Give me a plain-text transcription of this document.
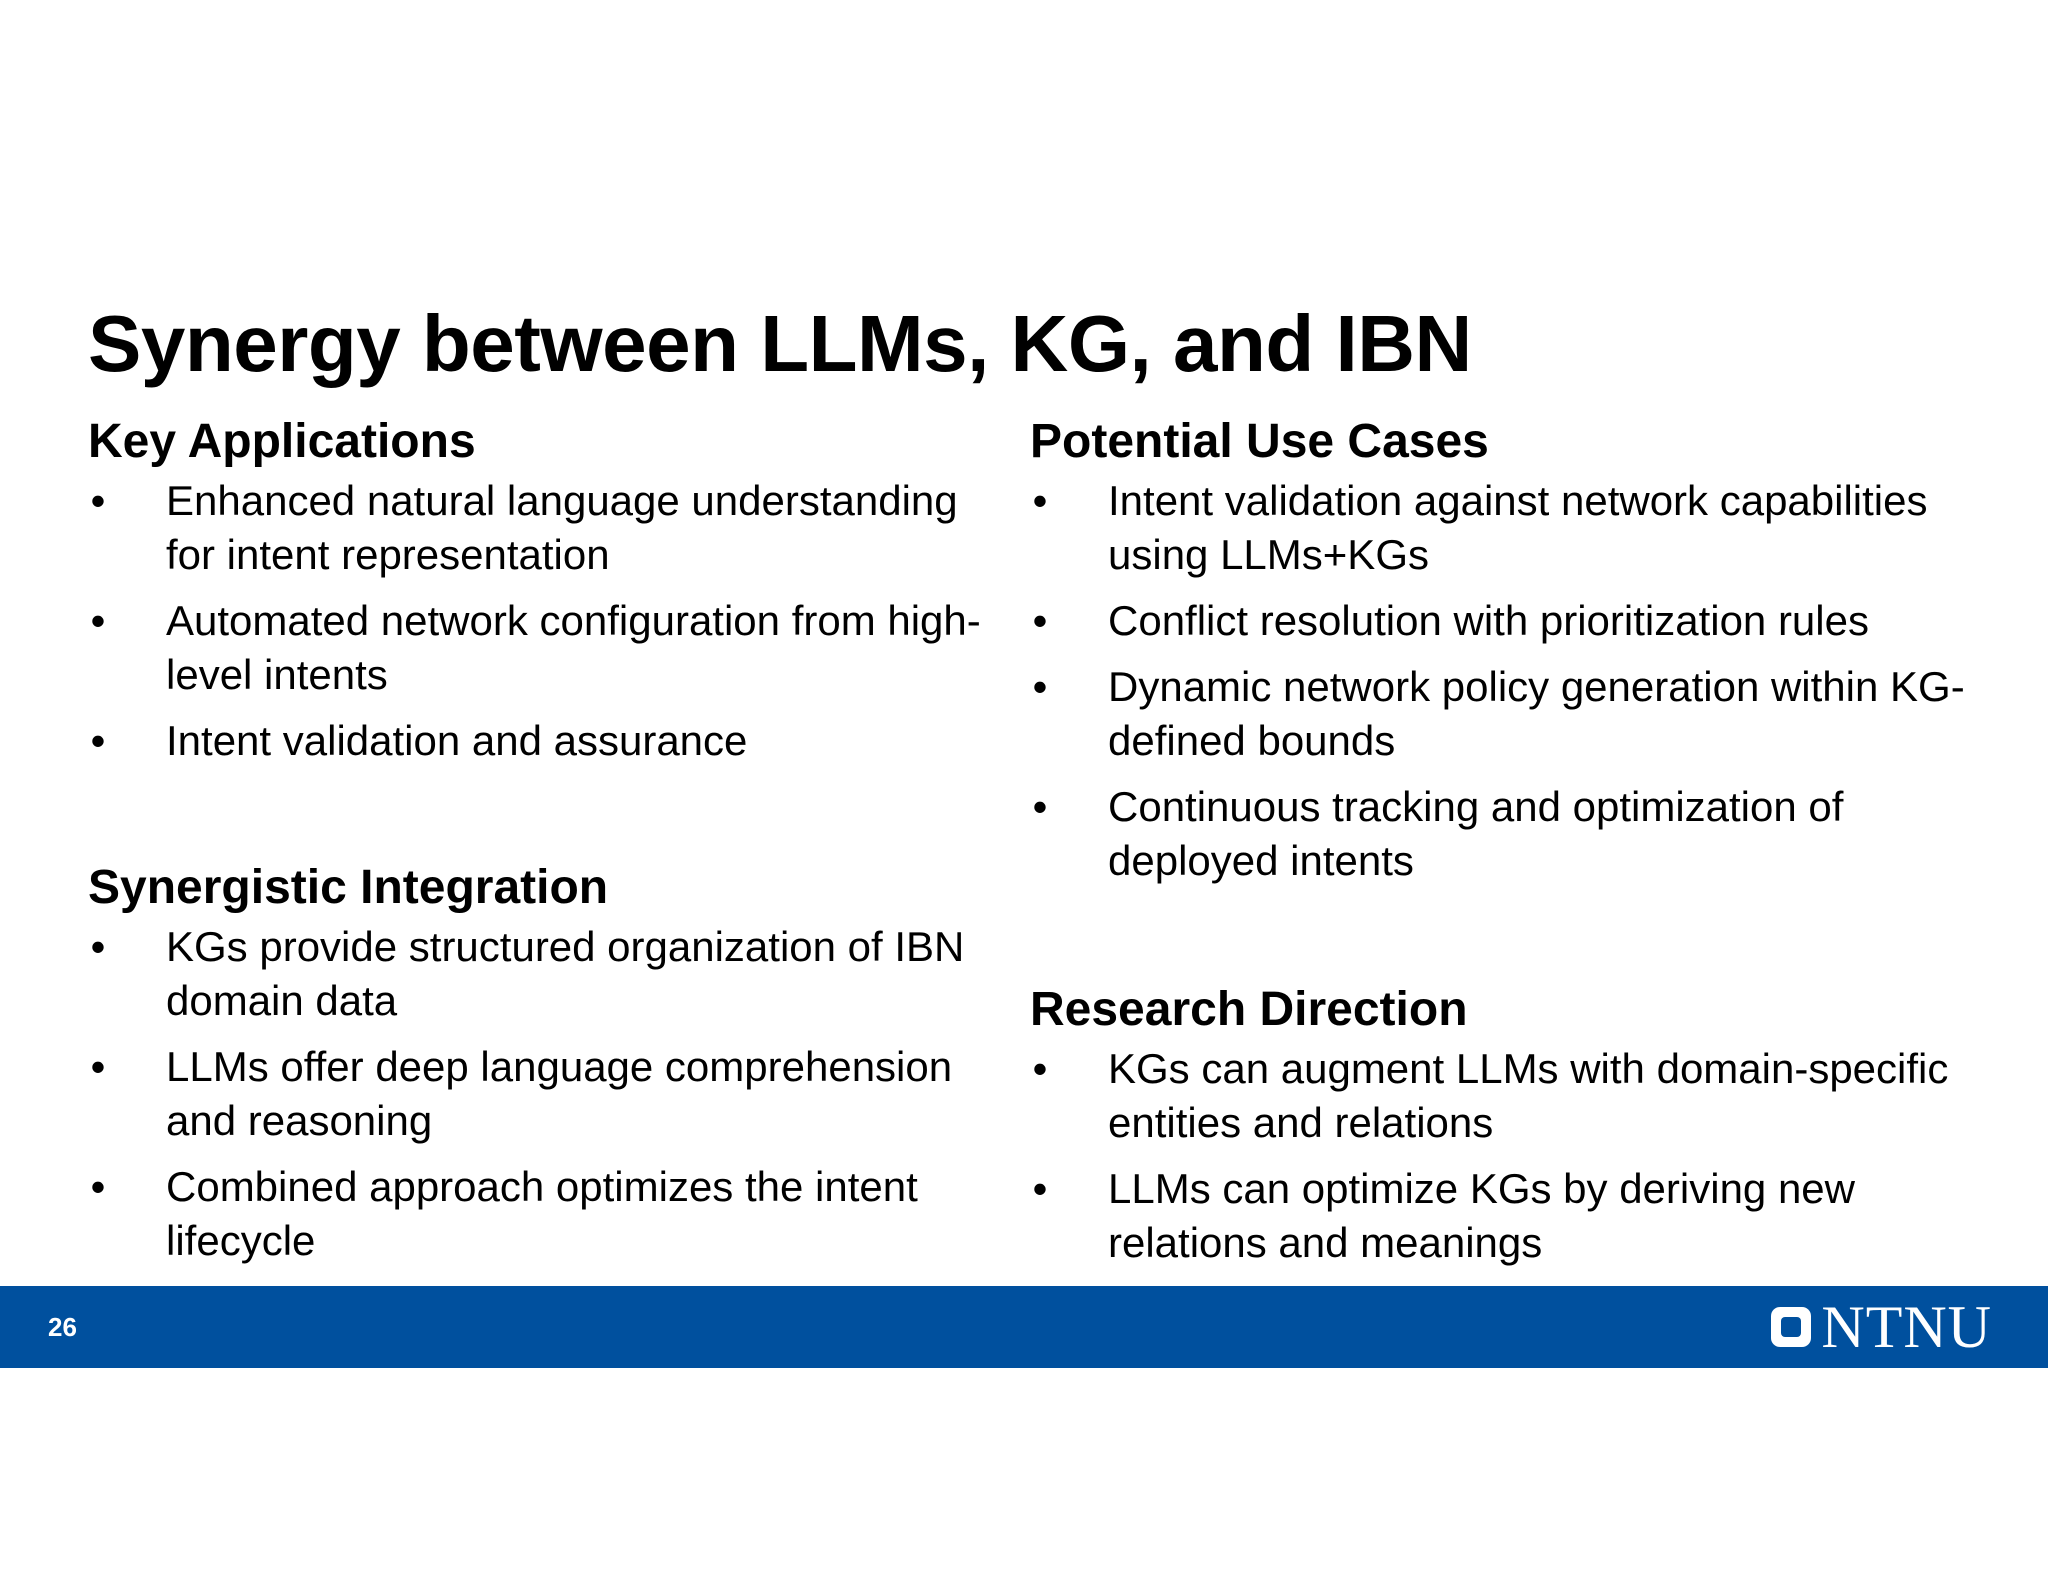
Synergy between LLMs, KG, and IBN
Key Applications
• Enhanced natural language understanding for intent representation
• Automated network configuration from high-level intents
• Intent validation and assurance
Synergistic Integration
• KGs provide structured organization of IBN domain data
• LLMs offer deep language comprehension and reasoning
• Combined approach optimizes the intent lifecycle
Potential Use Cases
• Intent validation against network capabilities using LLMs+KGs
• Conflict resolution with prioritization rules
• Dynamic network policy generation within KG-defined bounds
• Continuous tracking and optimization of deployed intents
Research Direction
• KGs can augment LLMs with domain-specific entities and relations
• LLMs can optimize KGs by deriving new relations and meanings
26	NTNU
